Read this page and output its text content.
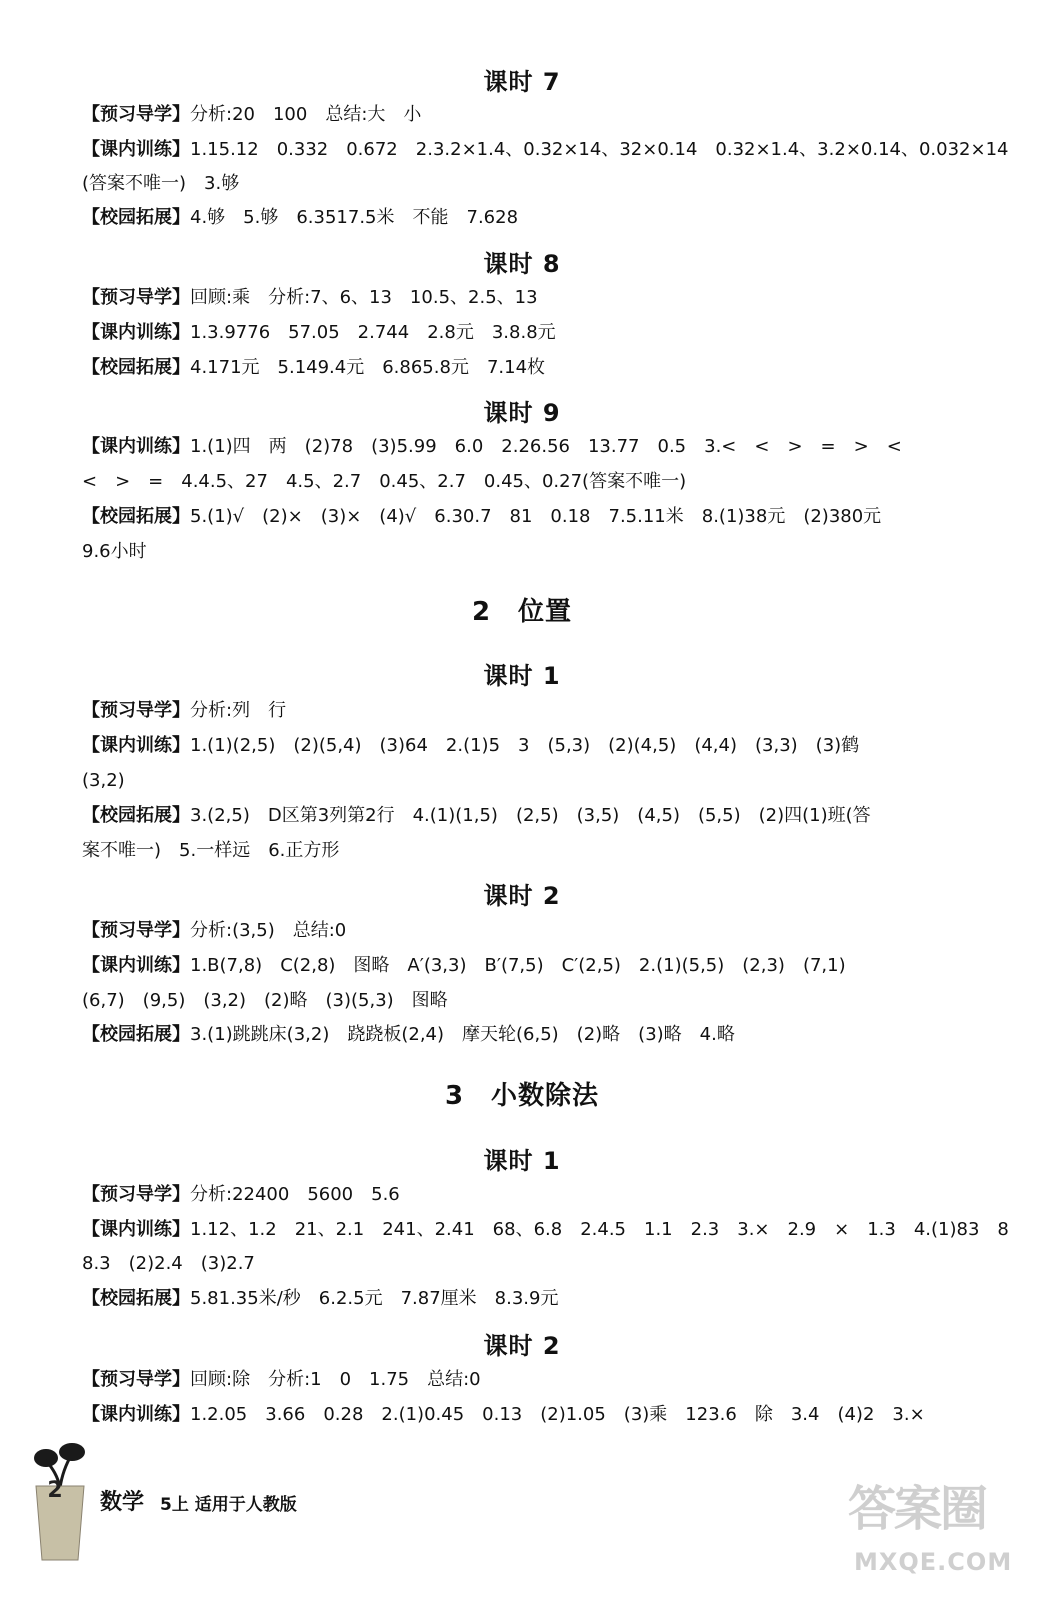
课时 7
【预习导学】分析:20　100　总结:大　小
【课内训练】1.15.12　0.332　0.672　2.3.2×1.4、0.32×14、32×0.14　0.32×1.4、3.2×0.14、0.032×14
(答案不唯一)　3.够
【校园拓展】4.够　5.够　6.3517.5米　不能　7.628
课时 8
【预习导学】回顾:乘　分析:7、6、13　10.5、2.5、13
【课内训练】1.3.9776　57.05　2.744　2.8元　3.8.8元
【校园拓展】4.171元　5.149.4元　6.865.8元　7.14枚
课时 9
【课内训练】1.(1)四　两　(2)78　(3)5.99　6.0　2.26.56　13.77　0.5　3.<　<　>　=　>　<
<　>　=　4.4.5、27　4.5、2.7　0.45、2.7　0.45、0.27(答案不唯一)
【校园拓展】5.(1)√　(2)×　(3)×　(4)√　6.30.7　81　0.18　7.5.11米　8.(1)38元　(2)380元
9.6小时
2　位置
课时 1
【预习导学】分析:列　行
【课内训练】1.(1)(2,5)　(2)(5,4)　(3)64　2.(1)5　3　(5,3)　(2)(4,5)　(4,4)　(3,3)　(3)鹤
(3,2)
【校园拓展】3.(2,5)　D区第3列第2行　4.(1)(1,5)　(2,5)　(3,5)　(4,5)　(5,5)　(2)四(1)班(答
案不唯一)　5.一样远　6.正方形
课时 2
【预习导学】分析:(3,5)　总结:0
【课内训练】1.B(7,8)　C(2,8)　图略　A′(3,3)　B′(7,5)　C′(2,5)　2.(1)(5,5)　(2,3)　(7,1)
(6,7)　(9,5)　(3,2)　(2)略　(3)(5,3)　图略
【校园拓展】3.(1)跳跳床(3,2)　跷跷板(2,4)　摩天轮(6,5)　(2)略　(3)略　4.略
3　小数除法
课时 1
【预习导学】分析:22400　5600　5.6
【课内训练】1.12、1.2　21、2.1　241、2.41　68、6.8　2.4.5　1.1　2.3　3.×　2.9　×　1.3　4.(1)83　8
8.3　(2)2.4　(3)2.7
【校园拓展】5.81.35米/秒　6.2.5元　7.87厘米　8.3.9元
课时 2
【预习导学】回顾:除　分析:1　0　1.75　总结:0
【课内训练】1.2.05　3.66　0.28　2.(1)0.45　0.13　(2)1.05　(3)乘　123.6　除　3.4　(4)2　3.×
2	数学 5上 适用于人教版	答案圈
MXQE.COM
